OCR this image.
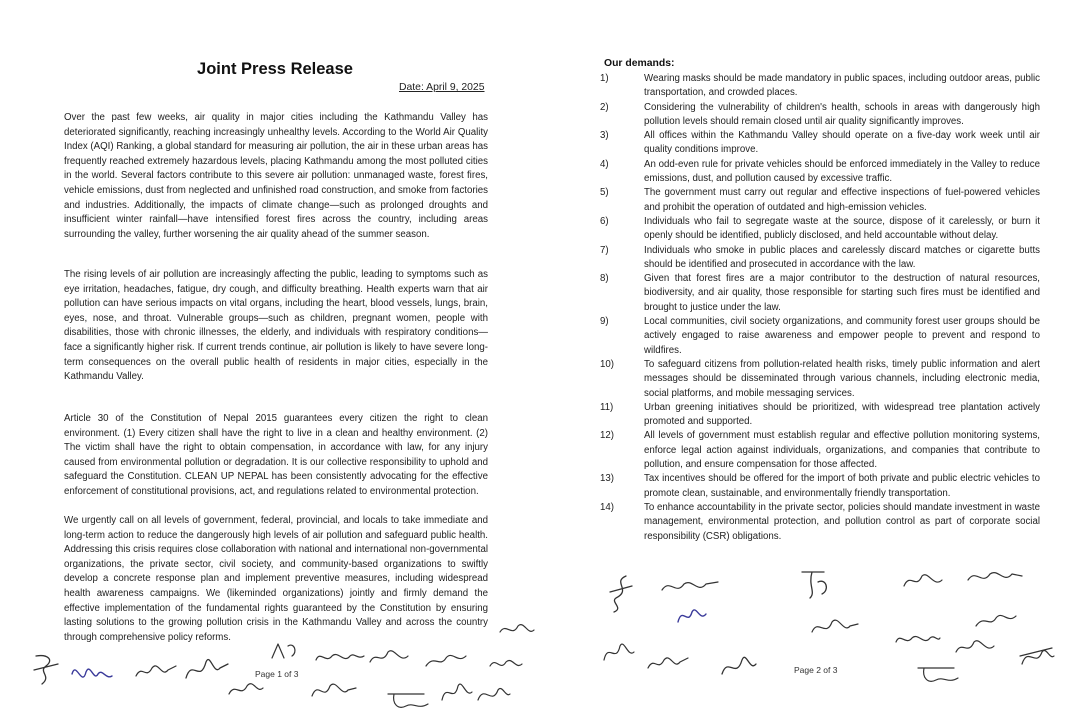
Joint Press Release
Date: April 9, 2025

Over the past few weeks, air quality in major cities including the Kathmandu Valley has deteriorated significantly, reaching increasingly unhealthy levels. According to the World Air Quality Index (AQI) Ranking, a global standard for measuring air pollution, the air in these urban areas has frequently reached extremely hazardous levels, placing Kathmandu among the most polluted cities in the world. Several factors contribute to this severe air pollution: unmanaged waste, forest fires, vehicle emissions, dust from neglected and unfinished road construction, and smoke from factories and industries. Additionally, the impacts of climate change—such as prolonged droughts and insufficient winter rainfall—have intensified forest fires across the country, including areas surrounding the valley, further worsening the air quality ahead of the summer season.

The rising levels of air pollution are increasingly affecting the public, leading to symptoms such as eye irritation, headaches, fatigue, dry cough, and difficulty breathing. Health experts warn that air pollution can have serious impacts on vital organs, including the heart, blood vessels, lungs, brain, eyes, nose, and throat. Vulnerable groups—such as children, pregnant women, people with disabilities, those with chronic illnesses, the elderly, and individuals with respiratory conditions—face a significantly higher risk. If current trends continue, air pollution is likely to have severe long-term consequences on the overall public health of residents in major cities, especially in the Kathmandu Valley.

Article 30 of the Constitution of Nepal 2015 guarantees every citizen the right to clean environment. (1) Every citizen shall have the right to live in a clean and healthy environment. (2) The victim shall have the right to obtain compensation, in accordance with law, for any injury caused from environmental pollution or degradation. It is our collective responsibility to uphold and safeguard the Constitution. CLEAN UP NEPAL has been consistently advocating for the effective enforcement of constitutional provisions, act, and regulations related to environmental protection.

We urgently call on all levels of government, federal, provincial, and locals to take immediate and long-term action to reduce the dangerously high levels of air pollution and safeguard public health. Addressing this crisis requires close collaboration with national and international non-governmental organizations, the private sector, civil society, and community-based organizations to swiftly develop a concrete response plan and implement preventive measures, including widespread health awareness campaigns. We (likeminded organizations) jointly and firmly demand the effective implementation of the fundamental rights guaranteed by the Constitution by ensuring lasting solutions to the growing pollution crisis in the Kathmandu Valley and across the country through comprehensive policy reforms.

Page 1 of 3
Our demands:
1)	Wearing masks should be made mandatory in public spaces, including outdoor areas, public transportation, and crowded places.
2)	Considering the vulnerability of children's health, schools in areas with dangerously high pollution levels should remain closed until air quality significantly improves.
3)	All offices within the Kathmandu Valley should operate on a five-day work week until air quality conditions improve.
4)	An odd-even rule for private vehicles should be enforced immediately in the Valley to reduce emissions, dust, and pollution caused by excessive traffic.
5)	The government must carry out regular and effective inspections of fuel-powered vehicles and prohibit the operation of outdated and high-emission vehicles.
6)	Individuals who fail to segregate waste at the source, dispose of it carelessly, or burn it openly should be identified, publicly disclosed, and held accountable without delay.
7)	Individuals who smoke in public places and carelessly discard matches or cigarette butts should be identified and prosecuted in accordance with the law.
8)	Given that forest fires are a major contributor to the destruction of natural resources, biodiversity, and air quality, those responsible for starting such fires must be identified and brought to justice under the law.
9)	Local communities, civil society organizations, and community forest user groups should be actively engaged to raise awareness and empower people to prevent and respond to wildfires.
10)	To safeguard citizens from pollution-related health risks, timely public information and alert messages should be disseminated through various channels, including electronic media, social platforms, and mobile messaging services.
11)	Urban greening initiatives should be prioritized, with widespread tree plantation actively promoted and supported.
12)	All levels of government must establish regular and effective pollution monitoring systems, enforce legal action against individuals, organizations, and companies that contribute to pollution, and ensure compensation for those affected.
13)	Tax incentives should be offered for the import of both private and public electric vehicles to promote clean, sustainable, and environmentally friendly transportation.
14)	To enhance accountability in the private sector, policies should mandate investment in waste management, environmental protection, and pollution control as part of corporate social responsibility (CSR) obligations.
Page 2 of 3
